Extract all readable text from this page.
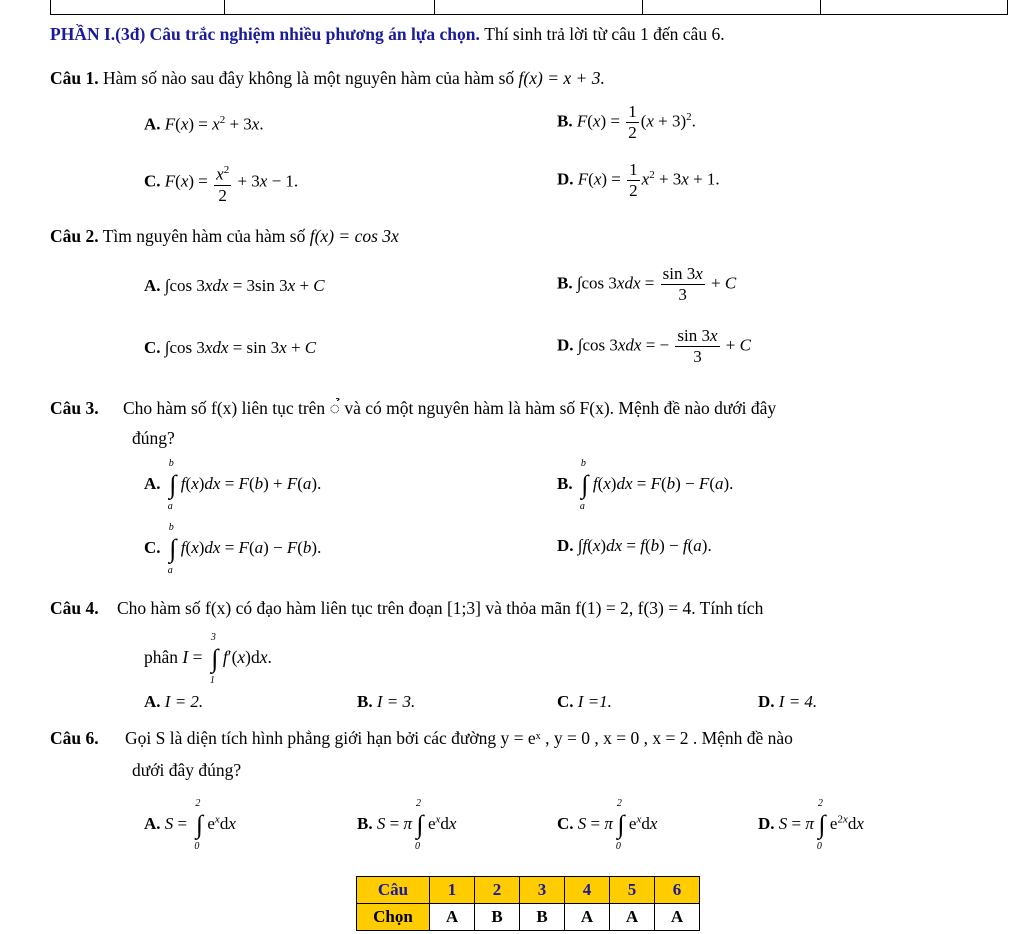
PHẦN I.(3đ) Câu trắc nghiệm nhiều phương án lựa chọn. Thí sinh trả lời từ câu 1 đến câu 6.
Câu 1. Hàm số nào sau đây không là một nguyên hàm của hàm số f(x) = x + 3.
A. $F(x) = x^2 + 3x$.	B. $F(x) = \frac{1}{2} (x + 3)^2$.
C. $F(x) = \frac{x^2}{2} + 3x - 1$.	D. $F(x) = \frac{1}{2} x^2 + 3x + 1$.
Câu 2. Tìm nguyên hàm của hàm số f(x) = cos 3x
A. ∫cos 3xdx = 3sin 3x + C	B. ∫cos $3xdx = \frac{\sin 3x}{3} + C$
C. ∫cos 3xdx = sin 3x + C	D. ∫cos 3xdx = − $\frac{\sin 3x}{3} + C$
Câu 3. Cho hàm số f(x) liên tục trên ◌̉ và có một nguyên hàm là hàm số F(x). Mệnh đề nào dưới đây
đúng?
A.
b
∫
a
f(x)dx = F(b) + F(a).	B.
b
∫
a
f(x)dx = F(b) − F(a).
C.
b
∫
a
f(x)dx = F(a) − F(b).	D. ∫f(x)dx = f(b) − f(a).
Câu 4. Cho hàm số f(x) có đạo hàm liên tục trên đoạn [1;3] và thỏa mãn f(1) = 2, f(3) = 4. Tính tích
phân I =
3
∫
1
f′(x)dx.
A. I = 2.	B. I = 3.	C. I =1.	D. I = 4.
Câu 6. Gọi S là diện tích hình phẳng giới hạn bởi các đường y = eˣ , y = 0 , x = 0 , x = 2 . Mệnh đề nào
dưới đây đúng?
A. S =
2
∫
0
$e^xdx$	B. S = π
2
∫
0
$e^xdx$	C. S = π
2
∫
0
$e^xdx$	D. S = π
2
∫
0
$e^{2x}dx$
Câu	1	2	3	4	5	6
Chọn	A	B	B	A	A	A
